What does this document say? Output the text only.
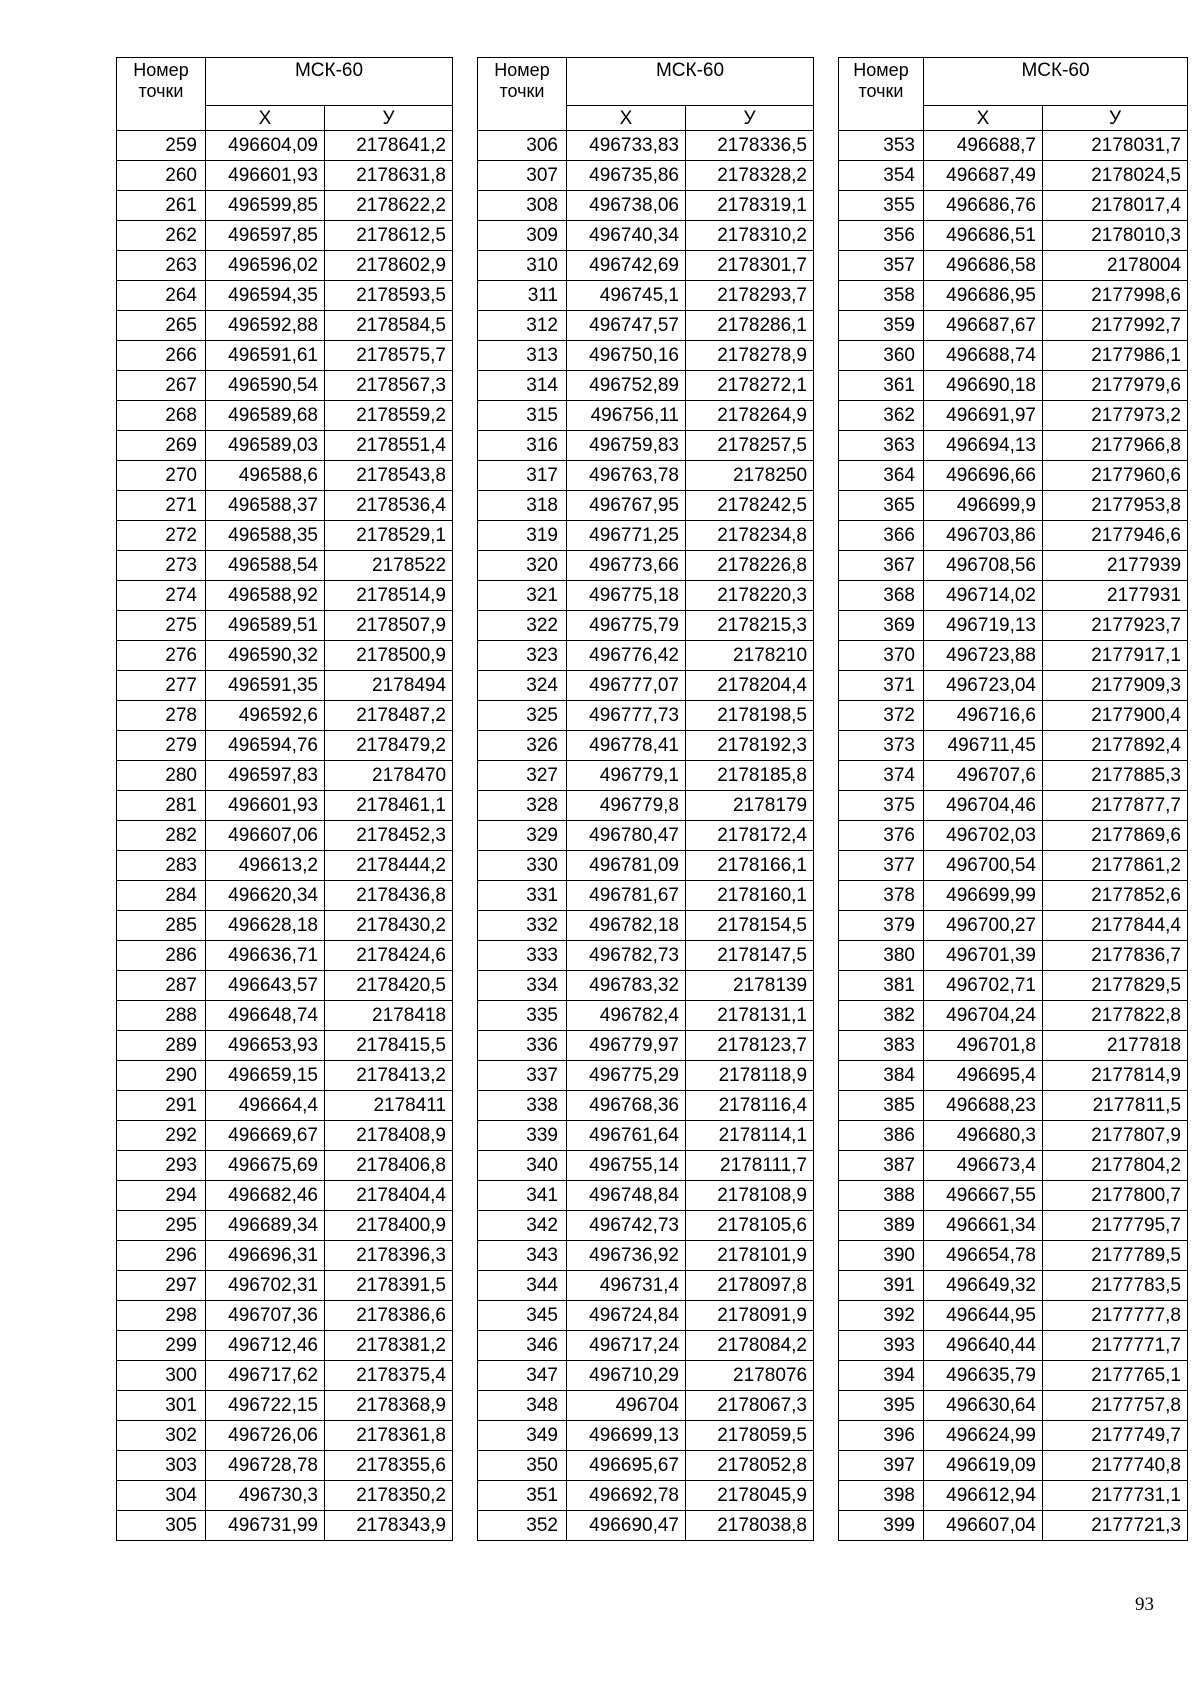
Номер
точки	МСК-60	
	Х	У
259	496604,09	2178641,2
260	496601,93	2178631,8
261	496599,85	2178622,2
262	496597,85	2178612,5
263	496596,02	2178602,9
264	496594,35	2178593,5
265	496592,88	2178584,5
266	496591,61	2178575,7
267	496590,54	2178567,3
268	496589,68	2178559,2
269	496589,03	2178551,4
270	496588,6	2178543,8
271	496588,37	2178536,4
272	496588,35	2178529,1
273	496588,54	2178522
274	496588,92	2178514,9
275	496589,51	2178507,9
276	496590,32	2178500,9
277	496591,35	2178494
278	496592,6	2178487,2
279	496594,76	2178479,2
280	496597,83	2178470
281	496601,93	2178461,1
282	496607,06	2178452,3
283	496613,2	2178444,2
284	496620,34	2178436,8
285	496628,18	2178430,2
286	496636,71	2178424,6
287	496643,57	2178420,5
288	496648,74	2178418
289	496653,93	2178415,5
290	496659,15	2178413,2
291	496664,4	2178411
292	496669,67	2178408,9
293	496675,69	2178406,8
294	496682,46	2178404,4
295	496689,34	2178400,9
296	496696,31	2178396,3
297	496702,31	2178391,5
298	496707,36	2178386,6
299	496712,46	2178381,2
300	496717,62	2178375,4
301	496722,15	2178368,9
302	496726,06	2178361,8
303	496728,78	2178355,6
304	496730,3	2178350,2
305	496731,99	2178343,9
Номер
точки	МСК-60	
	Х	У
306	496733,83	2178336,5
307	496735,86	2178328,2
308	496738,06	2178319,1
309	496740,34	2178310,2
310	496742,69	2178301,7
311	496745,1	2178293,7
312	496747,57	2178286,1
313	496750,16	2178278,9
314	496752,89	2178272,1
315	496756,11	2178264,9
316	496759,83	2178257,5
317	496763,78	2178250
318	496767,95	2178242,5
319	496771,25	2178234,8
320	496773,66	2178226,8
321	496775,18	2178220,3
322	496775,79	2178215,3
323	496776,42	2178210
324	496777,07	2178204,4
325	496777,73	2178198,5
326	496778,41	2178192,3
327	496779,1	2178185,8
328	496779,8	2178179
329	496780,47	2178172,4
330	496781,09	2178166,1
331	496781,67	2178160,1
332	496782,18	2178154,5
333	496782,73	2178147,5
334	496783,32	2178139
335	496782,4	2178131,1
336	496779,97	2178123,7
337	496775,29	2178118,9
338	496768,36	2178116,4
339	496761,64	2178114,1
340	496755,14	2178111,7
341	496748,84	2178108,9
342	496742,73	2178105,6
343	496736,92	2178101,9
344	496731,4	2178097,8
345	496724,84	2178091,9
346	496717,24	2178084,2
347	496710,29	2178076
348	496704	2178067,3
349	496699,13	2178059,5
350	496695,67	2178052,8
351	496692,78	2178045,9
352	496690,47	2178038,8
Номер
точки	МСК-60	
	Х	У
353	496688,7	2178031,7
354	496687,49	2178024,5
355	496686,76	2178017,4
356	496686,51	2178010,3
357	496686,58	2178004
358	496686,95	2177998,6
359	496687,67	2177992,7
360	496688,74	2177986,1
361	496690,18	2177979,6
362	496691,97	2177973,2
363	496694,13	2177966,8
364	496696,66	2177960,6
365	496699,9	2177953,8
366	496703,86	2177946,6
367	496708,56	2177939
368	496714,02	2177931
369	496719,13	2177923,7
370	496723,88	2177917,1
371	496723,04	2177909,3
372	496716,6	2177900,4
373	496711,45	2177892,4
374	496707,6	2177885,3
375	496704,46	2177877,7
376	496702,03	2177869,6
377	496700,54	2177861,2
378	496699,99	2177852,6
379	496700,27	2177844,4
380	496701,39	2177836,7
381	496702,71	2177829,5
382	496704,24	2177822,8
383	496701,8	2177818
384	496695,4	2177814,9
385	496688,23	2177811,5
386	496680,3	2177807,9
387	496673,4	2177804,2
388	496667,55	2177800,7
389	496661,34	2177795,7
390	496654,78	2177789,5
391	496649,32	2177783,5
392	496644,95	2177777,8
393	496640,44	2177771,7
394	496635,79	2177765,1
395	496630,64	2177757,8
396	496624,99	2177749,7
397	496619,09	2177740,8
398	496612,94	2177731,1
399	496607,04	2177721,3
93
